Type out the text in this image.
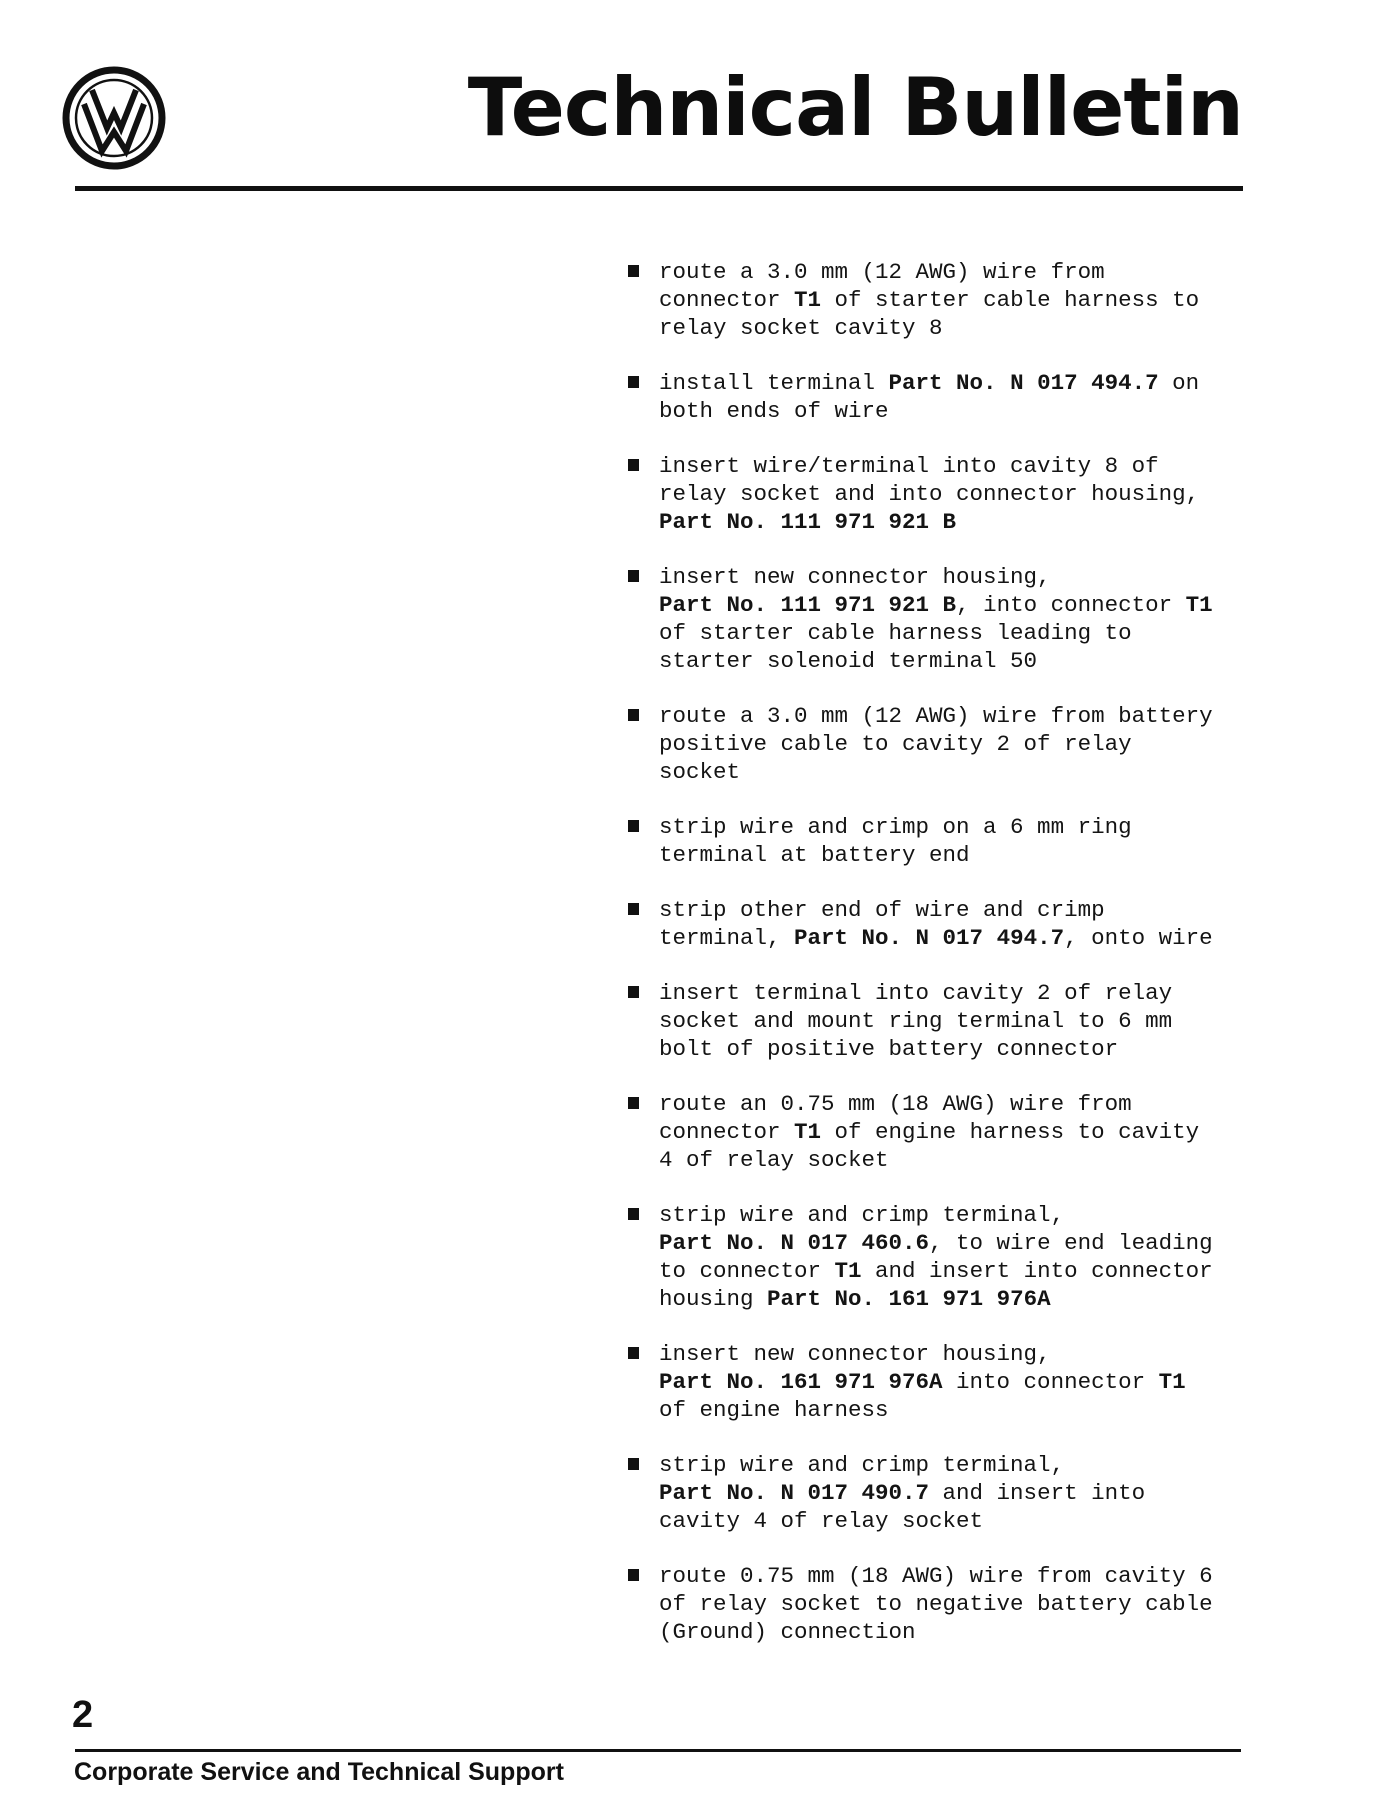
Technical Bulletin
route a 3.0 mm (12 AWG) wire from
connector T1 of starter cable harness to
relay socket cavity 8
install terminal Part No. N 017 494.7 on
both ends of wire
insert wire/terminal into cavity 8 of
relay socket and into connector housing,
Part No. 111 971 921 B
insert new connector housing,
Part No. 111 971 921 B, into connector T1
of starter cable harness leading to
starter solenoid terminal 50
route a 3.0 mm (12 AWG) wire from battery
positive cable to cavity 2 of relay
socket
strip wire and crimp on a 6 mm ring
terminal at battery end
strip other end of wire and crimp
terminal, Part No. N 017 494.7, onto wire
insert terminal into cavity 2 of relay
socket and mount ring terminal to 6 mm
bolt of positive battery connector
route an 0.75 mm (18 AWG) wire from
connector T1 of engine harness to cavity
4 of relay socket
strip wire and crimp terminal,
Part No. N 017 460.6, to wire end leading
to connector T1 and insert into connector
housing Part No. 161 971 976A
insert new connector housing,
Part No. 161 971 976A into connector T1
of engine harness
strip wire and crimp terminal,
Part No. N 017 490.7 and insert into
cavity 4 of relay socket
route 0.75 mm (18 AWG) wire from cavity 6
of relay socket to negative battery cable
(Ground) connection
2
Corporate Service and Technical Support
